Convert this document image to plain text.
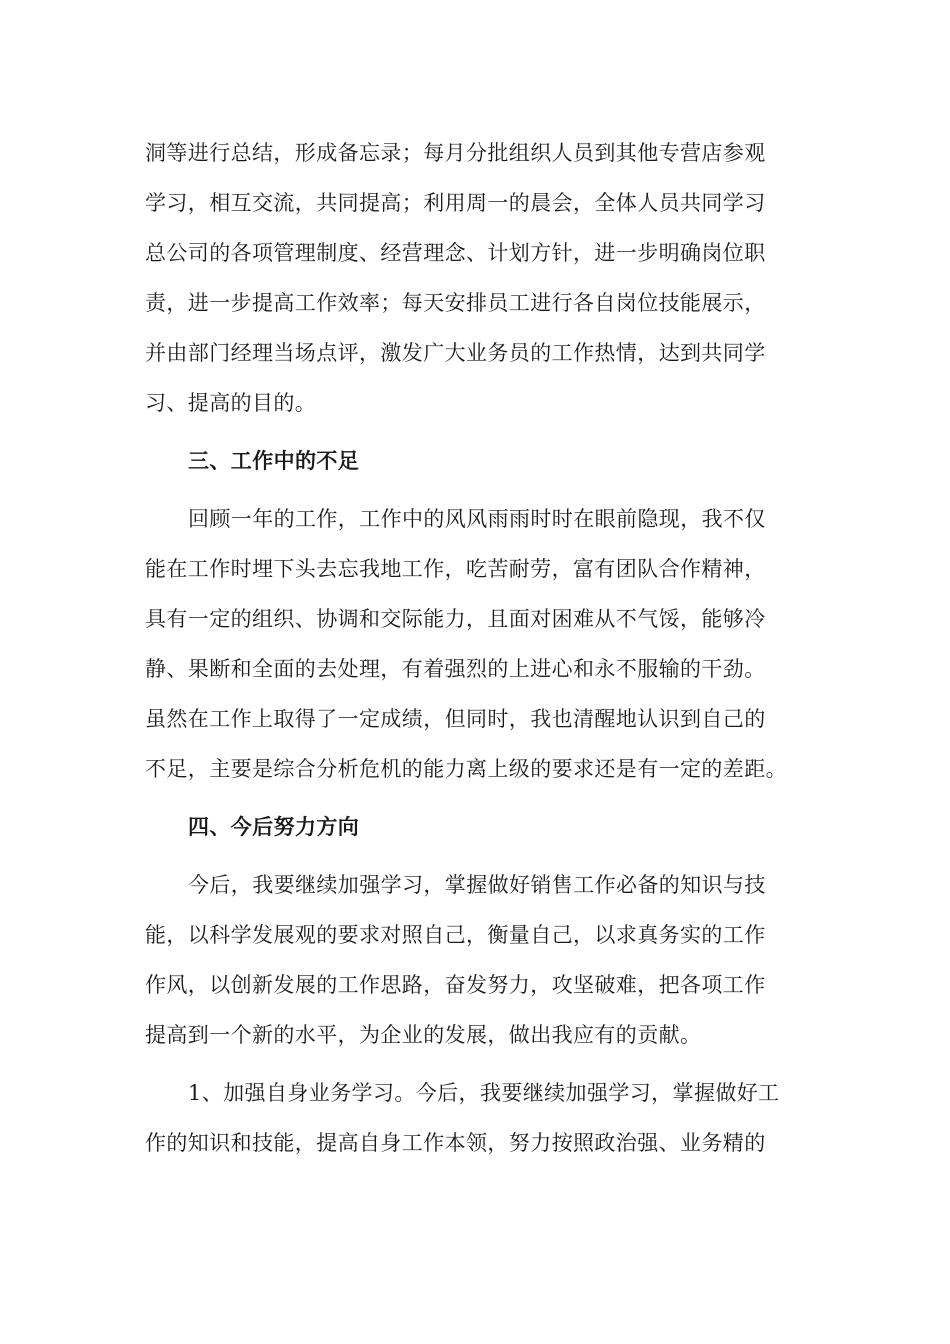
洞等进行总结，形成备忘录；每月分批组织人员到其他专营店参观
学习，相互交流，共同提高；利用周一的晨会，全体人员共同学习
总公司的各项管理制度、经营理念、计划方针，进一步明确岗位职
责，进一步提高工作效率；每天安排员工进行各自岗位技能展示，
并由部门经理当场点评，激发广大业务员的工作热情，达到共同学
习、提高的目的。
三、工作中的不足
回顾一年的工作，工作中的风风雨雨时时在眼前隐现，我不仅
能在工作时埋下头去忘我地工作，吃苦耐劳，富有团队合作精神，
具有一定的组织、协调和交际能力，且面对困难从不气馁，能够冷
静、果断和全面的去处理，有着强烈的上进心和永不服输的干劲。
虽然在工作上取得了一定成绩，但同时，我也清醒地认识到自己的
不足，主要是综合分析危机的能力离上级的要求还是有一定的差距。
四、今后努力方向
今后，我要继续加强学习，掌握做好销售工作必备的知识与技
能，以科学发展观的要求对照自己，衡量自己，以求真务实的工作
作风，以创新发展的工作思路，奋发努力，攻坚破难，把各项工作
提高到一个新的水平，为企业的发展，做出我应有的贡献。
1、加强自身业务学习。今后，我要继续加强学习，掌握做好工
作的知识和技能，提高自身工作本领，努力按照政治强、业务精的
